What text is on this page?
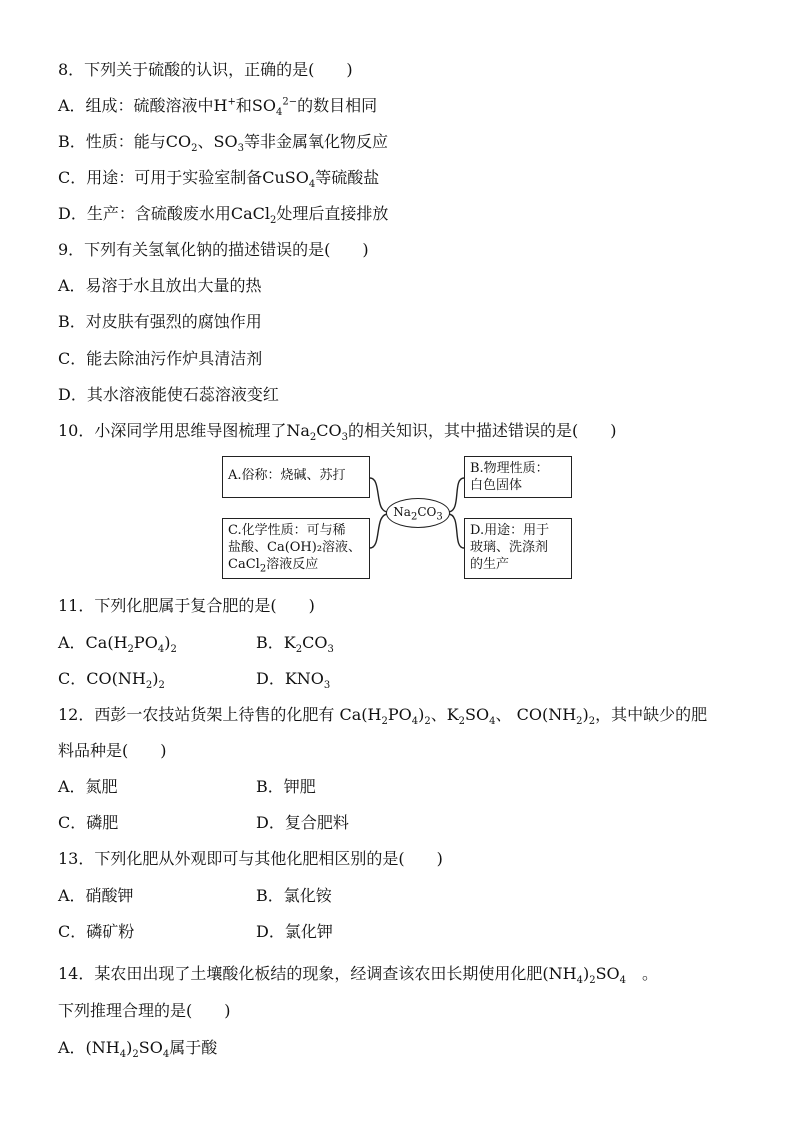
8．下列关于硫酸的认识，正确的是(　　)
A．组成：硫酸溶液中H+和$SO_4^{2-}$的数目相同
B．性质：能与$CO_2$、$SO_3$等非金属氧化物反应
C．用途：可用于实验室制备CuSO$_4$等硫酸盐
D．生产：含硫酸废水用CaCl$_2$处理后直接排放
9．下列有关氢氧化钠的描述错误的是(　　)
A．易溶于水且放出大量的热
B．对皮肤有强烈的腐蚀作用
C．能去除油污作炉具清洁剂
D．其水溶液能使石蕊溶液变红
10．小深同学用思维导图梳理了$Na_2CO_3$的相关知识，其中描述错误的是(　　)
A.俗称：烧碱、苏打
$Na_2CO_3$
B.物理性质：
白色固体
C.化学性质：可与稀
盐酸、Ca(OH)₂溶液、
CaCl$_2$溶液反应
D.用途：用于
玻璃、洗涤剂
的生产
11．下列化肥属于复合肥的是(　　)
A．$Ca(H_2PO_4)_2$	B．$K_2CO_3$
C．$CO(NH_2)_2$	D．$KNO_3$
12．西彭一农技站货架上待售的化肥有 $Ca(H_2PO_4)_2$、$K_2SO_4$、 $CO(NH_2)_2$，其中缺少的肥
料品种是(　　)
A．氮肥	B．钾肥
C．磷肥	D．复合肥料
13．下列化肥从外观即可与其他化肥相区别的是(　　)
A．硝酸钾	B．氯化铵
C．磷矿粉	D．氯化钾
14．某农田出现了土壤酸化板结的现象，经调查该农田长期使用化肥$(NH_4)_2SO_4$　。
下列推理合理的是(　　)
A．$(NH_4)_2SO_4$属于酸
